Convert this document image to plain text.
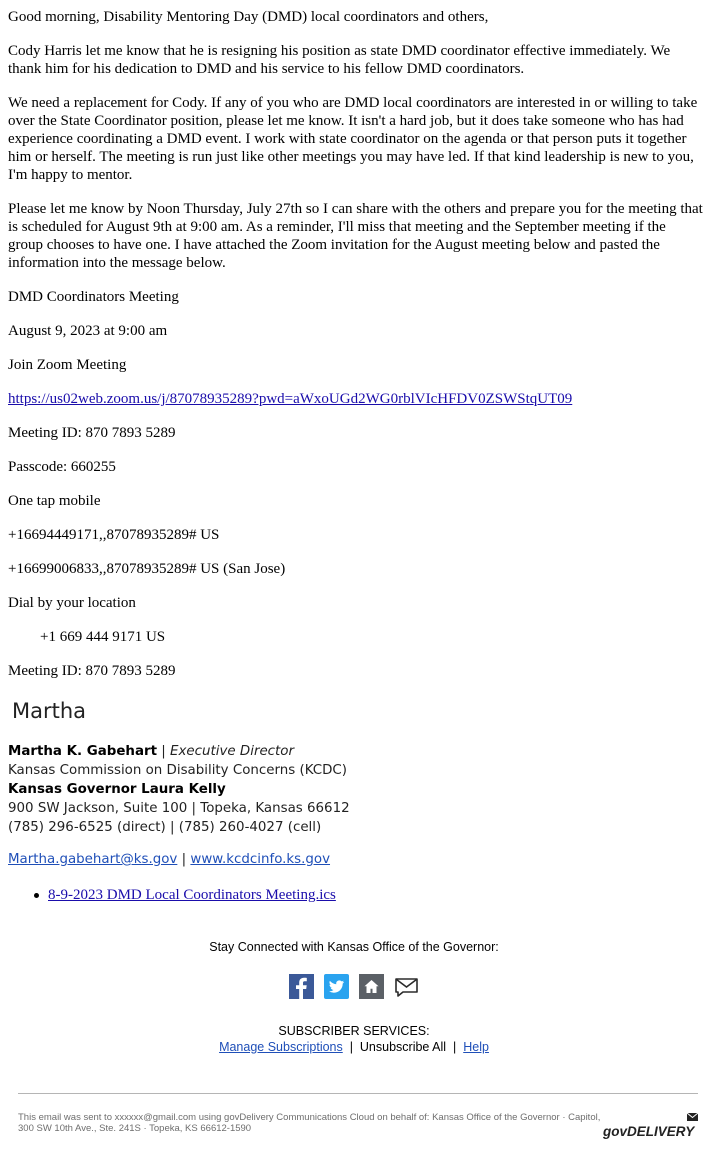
Good morning, Disability Mentoring Day (DMD) local coordinators and others,

Cody Harris let me know that he is resigning his position as state DMD coordinator effective immediately. We thank him for his dedication to DMD and his service to his fellow DMD coordinators.

We need a replacement for Cody. If any of you who are DMD local coordinators are interested in or willing to take over the State Coordinator position, please let me know. It isn't a hard job, but it does take someone who has had experience coordinating a DMD event. I work with state coordinator on the agenda or that person puts it together him or herself. The meeting is run just like other meetings you may have led. If that kind leadership is new to you, I'm happy to mentor.

Please let me know by Noon Thursday, July 27th so I can share with the others and prepare you for the meeting that is scheduled for August 9th at 9:00 am. As a reminder, I'll miss that meeting and the September meeting if the group chooses to have one. I have attached the Zoom invitation for the August meeting below and pasted the information into the message below.

DMD Coordinators Meeting
August 9, 2023 at 9:00 am
Join Zoom Meeting
https://us02web.zoom.us/j/87078935289?pwd=aWxoUGd2WG0rblVIcHFDV0ZSWStqUT09
Meeting ID: 870 7893 5289
Passcode: 660255
One tap mobile
+16694449171,,87078935289# US
+16699006833,,87078935289# US (San Jose)
Dial by your location
+1 669 444 9171 US
Meeting ID: 870 7893 5289
Martha
Martha K. Gabehart | Executive Director
Kansas Commission on Disability Concerns (KCDC)
Kansas Governor Laura Kelly
900 SW Jackson, Suite 100 | Topeka, Kansas 66612
(785) 296-6525 (direct) | (785) 260-4027 (cell)
Martha.gabehart@ks.gov | www.kcdcinfo.ks.gov
8-9-2023 DMD Local Coordinators Meeting.ics
Stay Connected with Kansas Office of the Governor:

SUBSCRIBER SERVICES:
Manage Subscriptions | Unsubscribe All | Help
This email was sent to xxxxxx@gmail.com using govDelivery Communications Cloud on behalf of: Kansas Office of the Governor · Capitol, 300 SW 10th Ave., Ste. 241S · Topeka, KS 66612-1590	govDELIVERY
